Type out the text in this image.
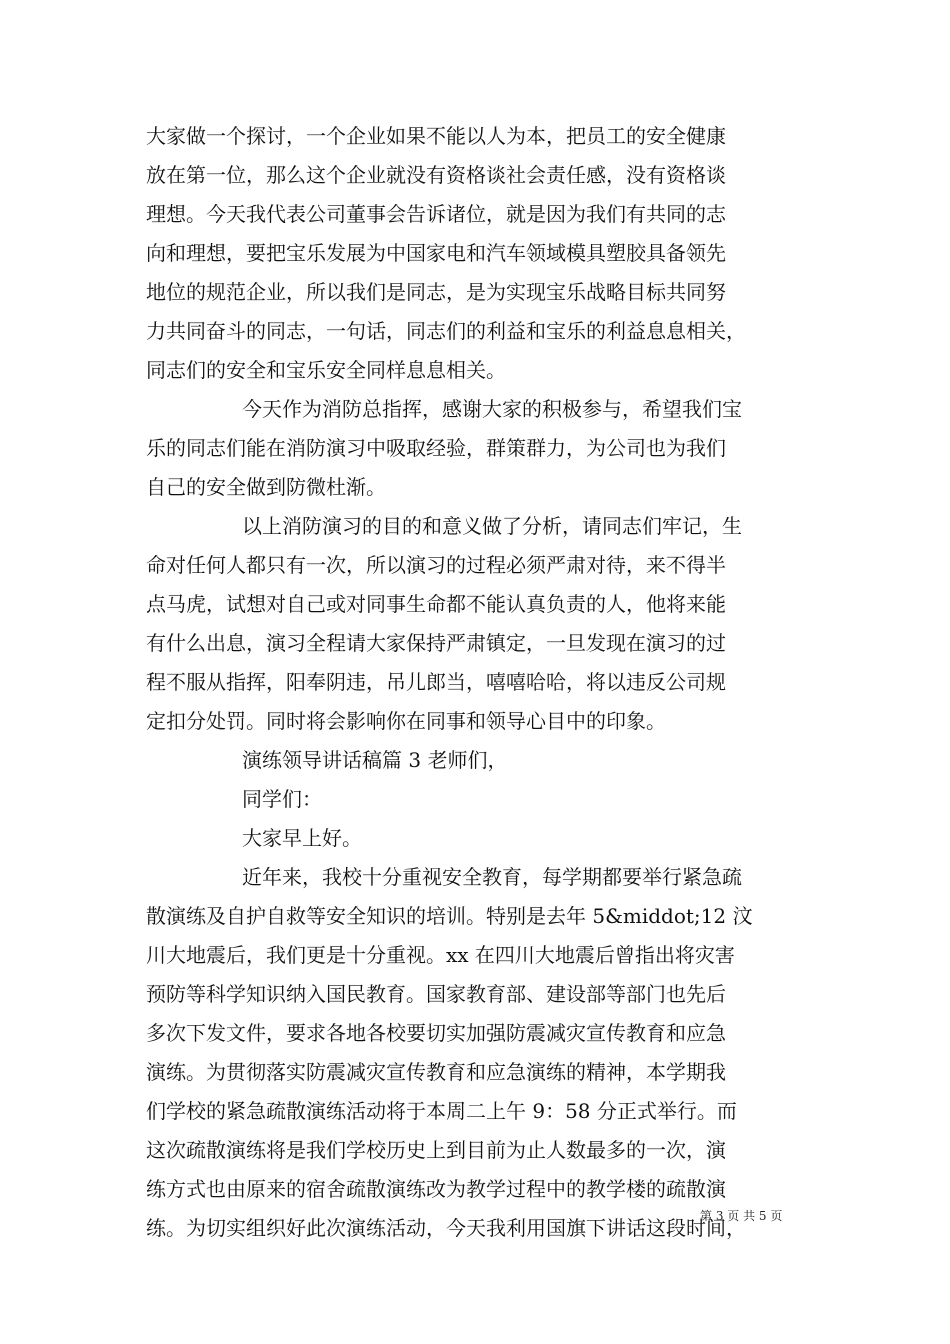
大家做一个探讨，一个企业如果不能以人为本，把员工的安全健康
放在第一位，那么这个企业就没有资格谈社会责任感，没有资格谈
理想。今天我代表公司董事会告诉诸位，就是因为我们有共同的志
向和理想，要把宝乐发展为中国家电和汽车领域模具塑胶具备领先
地位的规范企业，所以我们是同志，是为实现宝乐战略目标共同努
力共同奋斗的同志，一句话，同志们的利益和宝乐的利益息息相关，
同志们的安全和宝乐安全同样息息相关。
今天作为消防总指挥，感谢大家的积极参与，希望我们宝
乐的同志们能在消防演习中吸取经验，群策群力，为公司也为我们
自己的安全做到防微杜渐。
以上消防演习的目的和意义做了分析，请同志们牢记，生
命对任何人都只有一次，所以演习的过程必须严肃对待，来不得半
点马虎，试想对自己或对同事生命都不能认真负责的人，他将来能
有什么出息，演习全程请大家保持严肃镇定，一旦发现在演习的过
程不服从指挥，阳奉阴违，吊儿郎当，嘻嘻哈哈，将以违反公司规
定扣分处罚。同时将会影响你在同事和领导心目中的印象。
演练领导讲话稿篇 3 老师们，
同学们：
大家早上好。
近年来，我校十分重视安全教育，每学期都要举行紧急疏
散演练及自护自救等安全知识的培训。特别是去年 5&middot;12 汶
川大地震后，我们更是十分重视。xx 在四川大地震后曾指出将灾害
预防等科学知识纳入国民教育。国家教育部、建设部等部门也先后
多次下发文件，要求各地各校要切实加强防震减灾宣传教育和应急
演练。为贯彻落实防震减灾宣传教育和应急演练的精神，本学期我
们学校的紧急疏散演练活动将于本周二上午 9：58 分正式举行。而
这次疏散演练将是我们学校历史上到目前为止人数最多的一次，演
练方式也由原来的宿舍疏散演练改为教学过程中的教学楼的疏散演
练。为切实组织好此次演练活动，今天我利用国旗下讲话这段时间，
第 3 页 共 5 页
